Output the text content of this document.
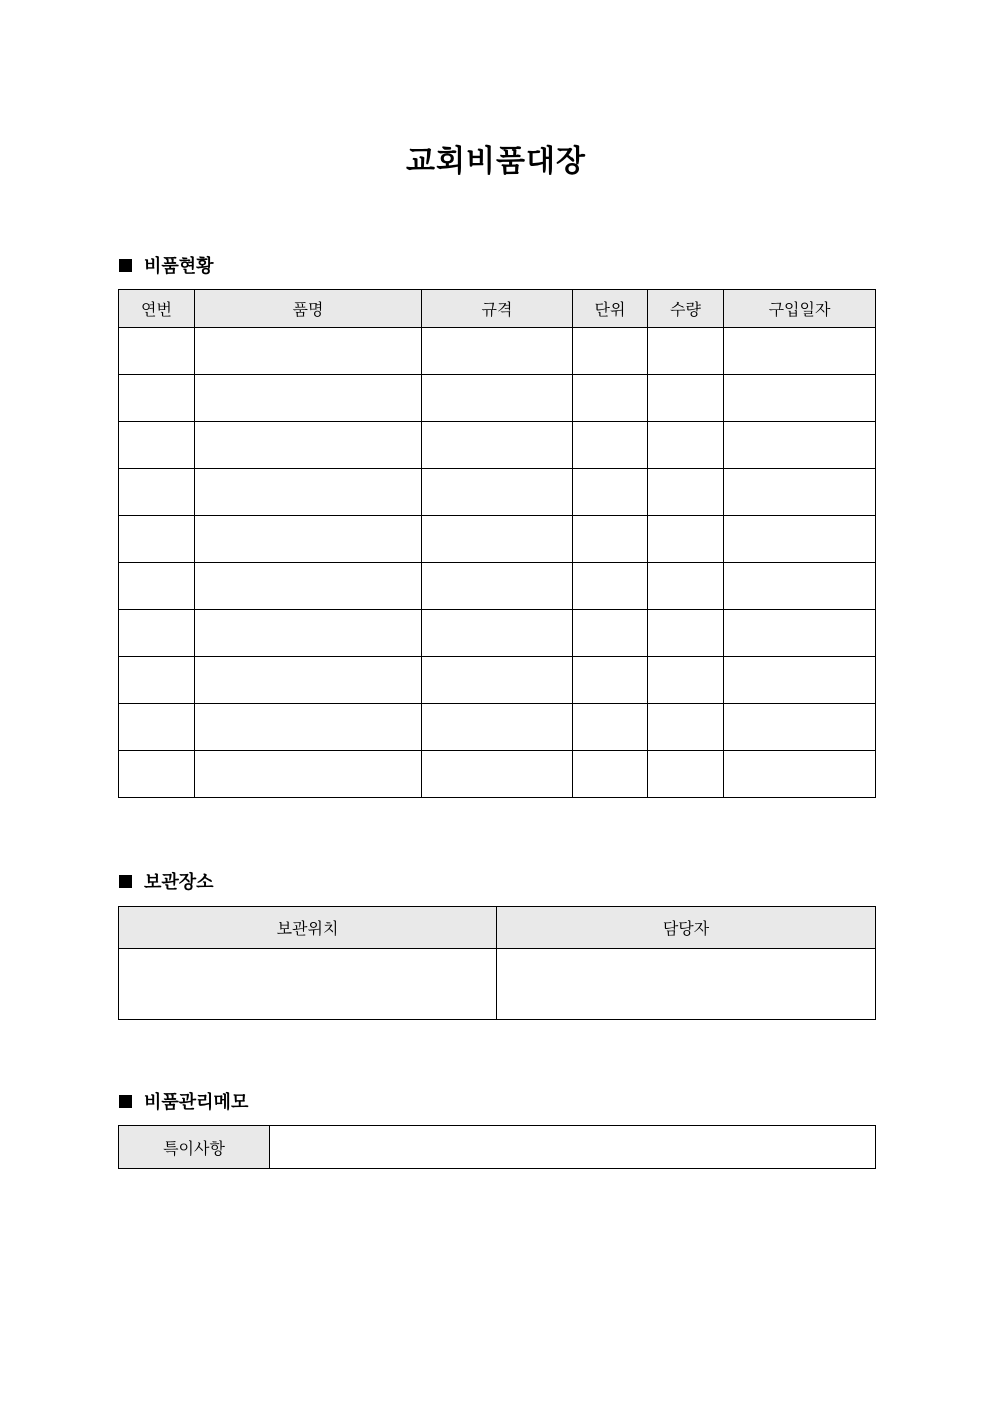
교회비품대장
비품현황
연번	품명	규격	단위	수량	구입일자

보관장소
보관위치	담당자

비품관리메모
특이사항	
